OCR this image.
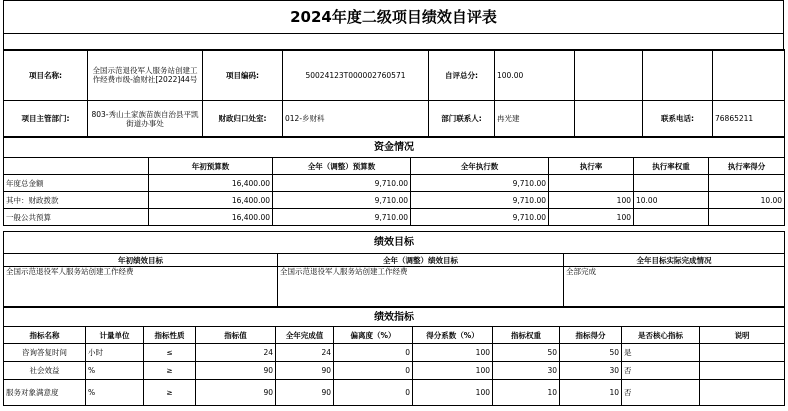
2024年度二级项目绩效自评表
项目名称:	全国示范退役军人服务站创建工作经费市级-渝财社[2022]44号	项目编码:	50024123T000002760571	自评总分:	100.00			
项目主管部门:	803-秀山土家族苗族自治县平凯街道办事处	财政归口处室:	012-乡财科	部门联系人:	冉光建		联系电话:	76865211
资金情况						
	年初预算数	全年（调整）预算数	全年执行数	执行率	执行率权重	执行率得分
年度总金额	16,400.00	9,710.00	9,710.00			
其中：财政拨款	16,400.00	9,710.00	9,710.00	100	10.00	10.00
一般公共预算	16,400.00	9,710.00	9,710.00	100		
绩效目标		
年初绩效目标	全年（调整）绩效目标	全年目标实际完成情况
全国示范退役军人服务站创建工作经费	全国示范退役军人服务站创建工作经费	全部完成
绩效指标										
指标名称	计量单位	指标性质	指标值	全年完成值	偏离度（%）	得分系数（%）	指标权重	指标得分	是否核心指标	说明
咨询答复时间	小时	≤	24	24	0	100	50	50	是	
社会效益	%	≥	90	90	0	100	30	30	否	
服务对象满意度	%	≥	90	90	0	100	10	10	否	
